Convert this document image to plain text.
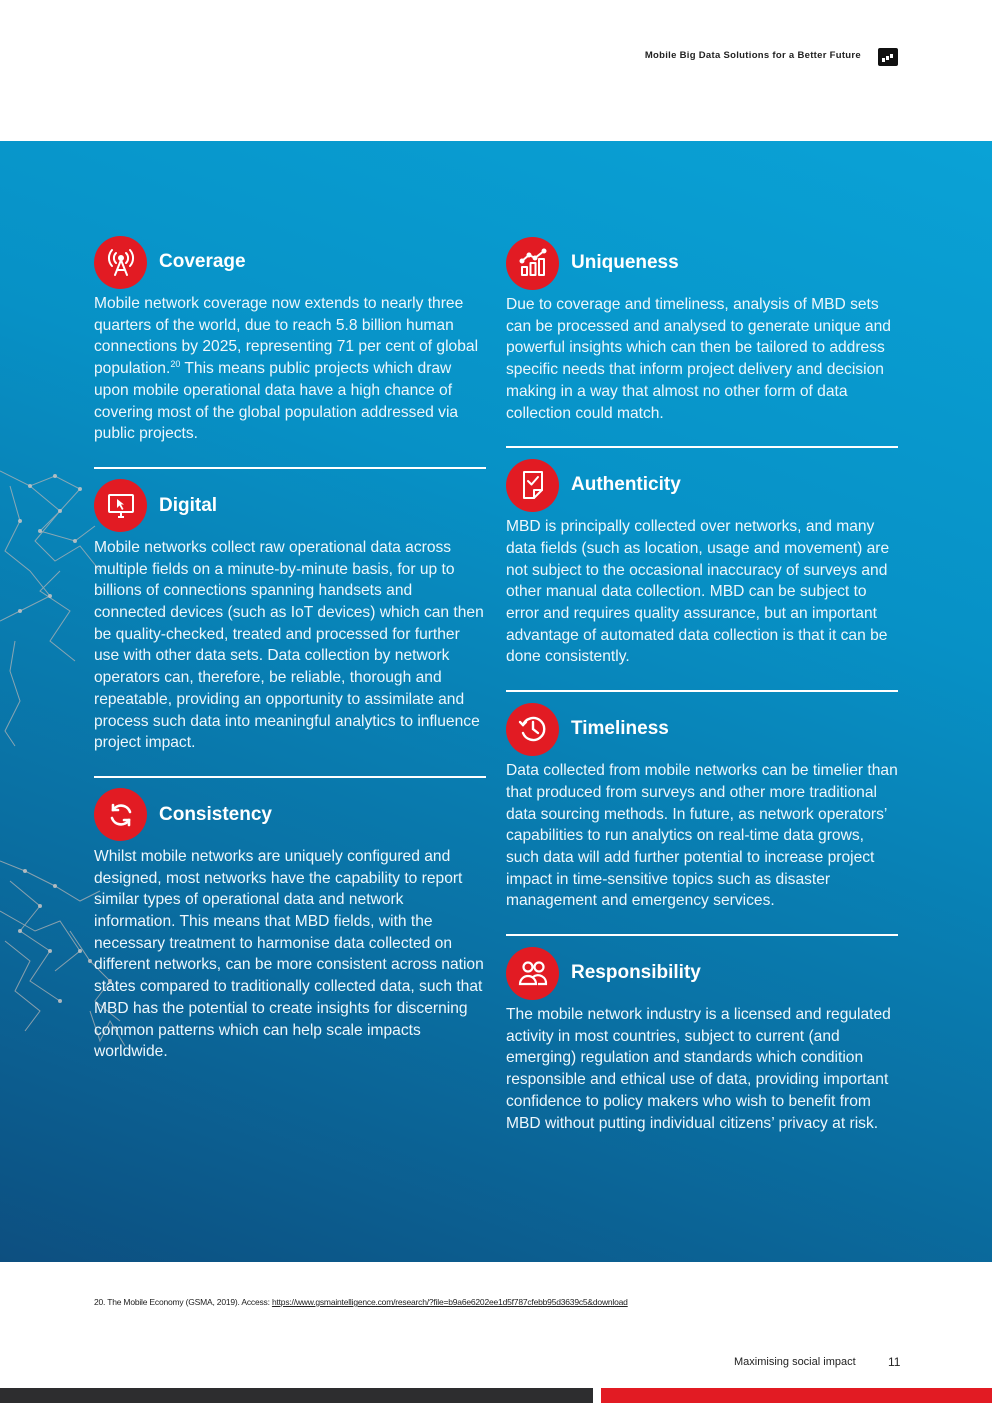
Mobile Big Data Solutions for a Better Future
Coverage
Mobile network coverage now extends to nearly three quarters of the world, due to reach 5.8 billion human connections by 2025, representing 71 per cent of global population.$^{20}$ This means public projects which draw upon mobile operational data have a high chance of covering most of the global population addressed via public projects.
Digital
Mobile networks collect raw operational data across multiple fields on a minute-by-minute basis, for up to billions of connections spanning handsets and connected devices (such as IoT devices) which can then be quality-checked, treated and processed for further use with other data sets. Data collection by network operators can, therefore, be reliable, thorough and repeatable, providing an opportunity to assimilate and process such data into meaningful analytics to influence project impact.
Consistency
Whilst mobile networks are uniquely configured and designed, most networks have the capability to report similar types of operational data and network information. This means that MBD fields, with the necessary treatment to harmonise data collected on different networks, can be more consistent across nation states compared to traditionally collected data, such that MBD has the potential to create insights for discerning common patterns which can help scale impacts worldwide.
Uniqueness
Due to coverage and timeliness, analysis of MBD sets can be processed and analysed to generate unique and powerful insights which can then be tailored to address specific needs that inform project delivery and decision making in a way that almost no other form of data collection could match.
Authenticity
MBD is principally collected over networks, and many data fields (such as location, usage and movement) are not subject to the occasional inaccuracy of surveys and other manual data collection. MBD can be subject to error and requires quality assurance, but an important advantage of automated data collection is that it can be done consistently.
Timeliness
Data collected from mobile networks can be timelier than that produced from surveys and other more traditional data sourcing methods. In future, as network operators’ capabilities to run analytics on real-time data grows, such data will add further potential to increase project impact in time-sensitive topics such as disaster management and emergency services.
Responsibility
The mobile network industry is a licensed and regulated activity in most countries, subject to current (and emerging) regulation and standards which condition responsible and ethical use of data, providing important confidence to policy makers who wish to benefit from MBD without putting individual citizens’ privacy at risk.
20. The Mobile Economy (GSMA, 2019). Access: https://www.gsmaintelligence.com/research/?file=b9a6e6202ee1d5f787cfebb95d3639c5&download
Maximising social impact	11
